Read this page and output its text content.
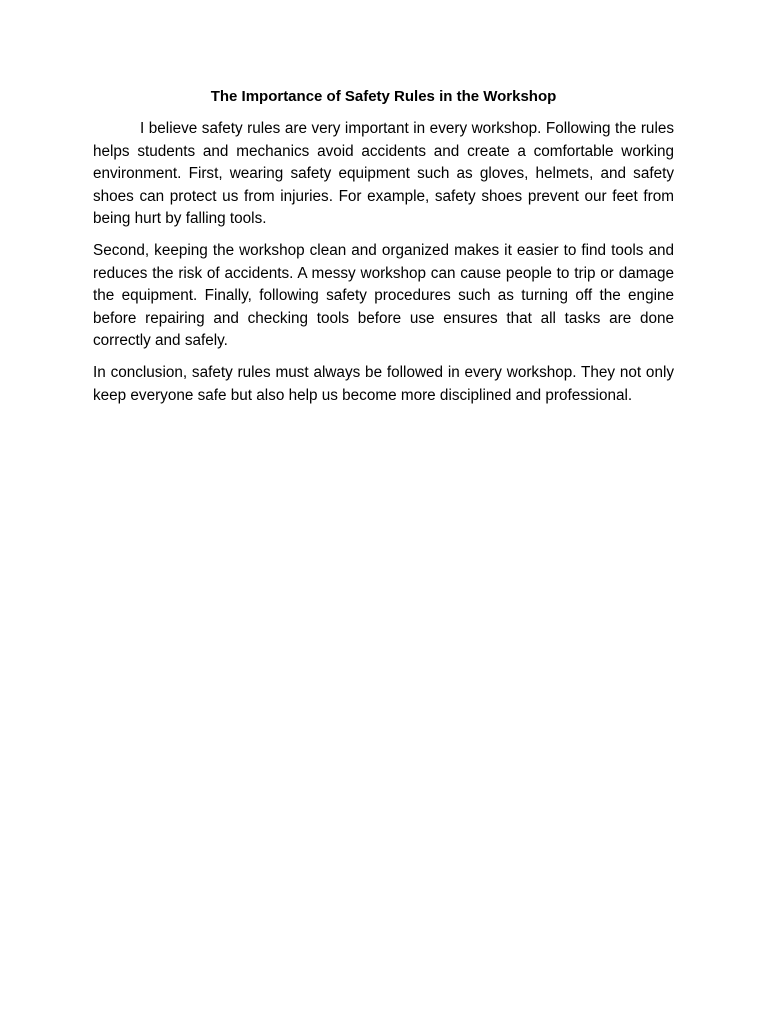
The Importance of Safety Rules in the Workshop

I believe safety rules are very important in every workshop. Following the rules helps students and mechanics avoid accidents and create a comfortable working environment. First, wearing safety equipment such as gloves, helmets, and safety shoes can protect us from injuries. For example, safety shoes prevent our feet from being hurt by falling tools.

Second, keeping the workshop clean and organized makes it easier to find tools and reduces the risk of accidents. A messy workshop can cause people to trip or damage the equipment. Finally, following safety procedures such as turning off the engine before repairing and checking tools before use ensures that all tasks are done correctly and safely.

In conclusion, safety rules must always be followed in every workshop. They not only keep everyone safe but also help us become more disciplined and professional.
